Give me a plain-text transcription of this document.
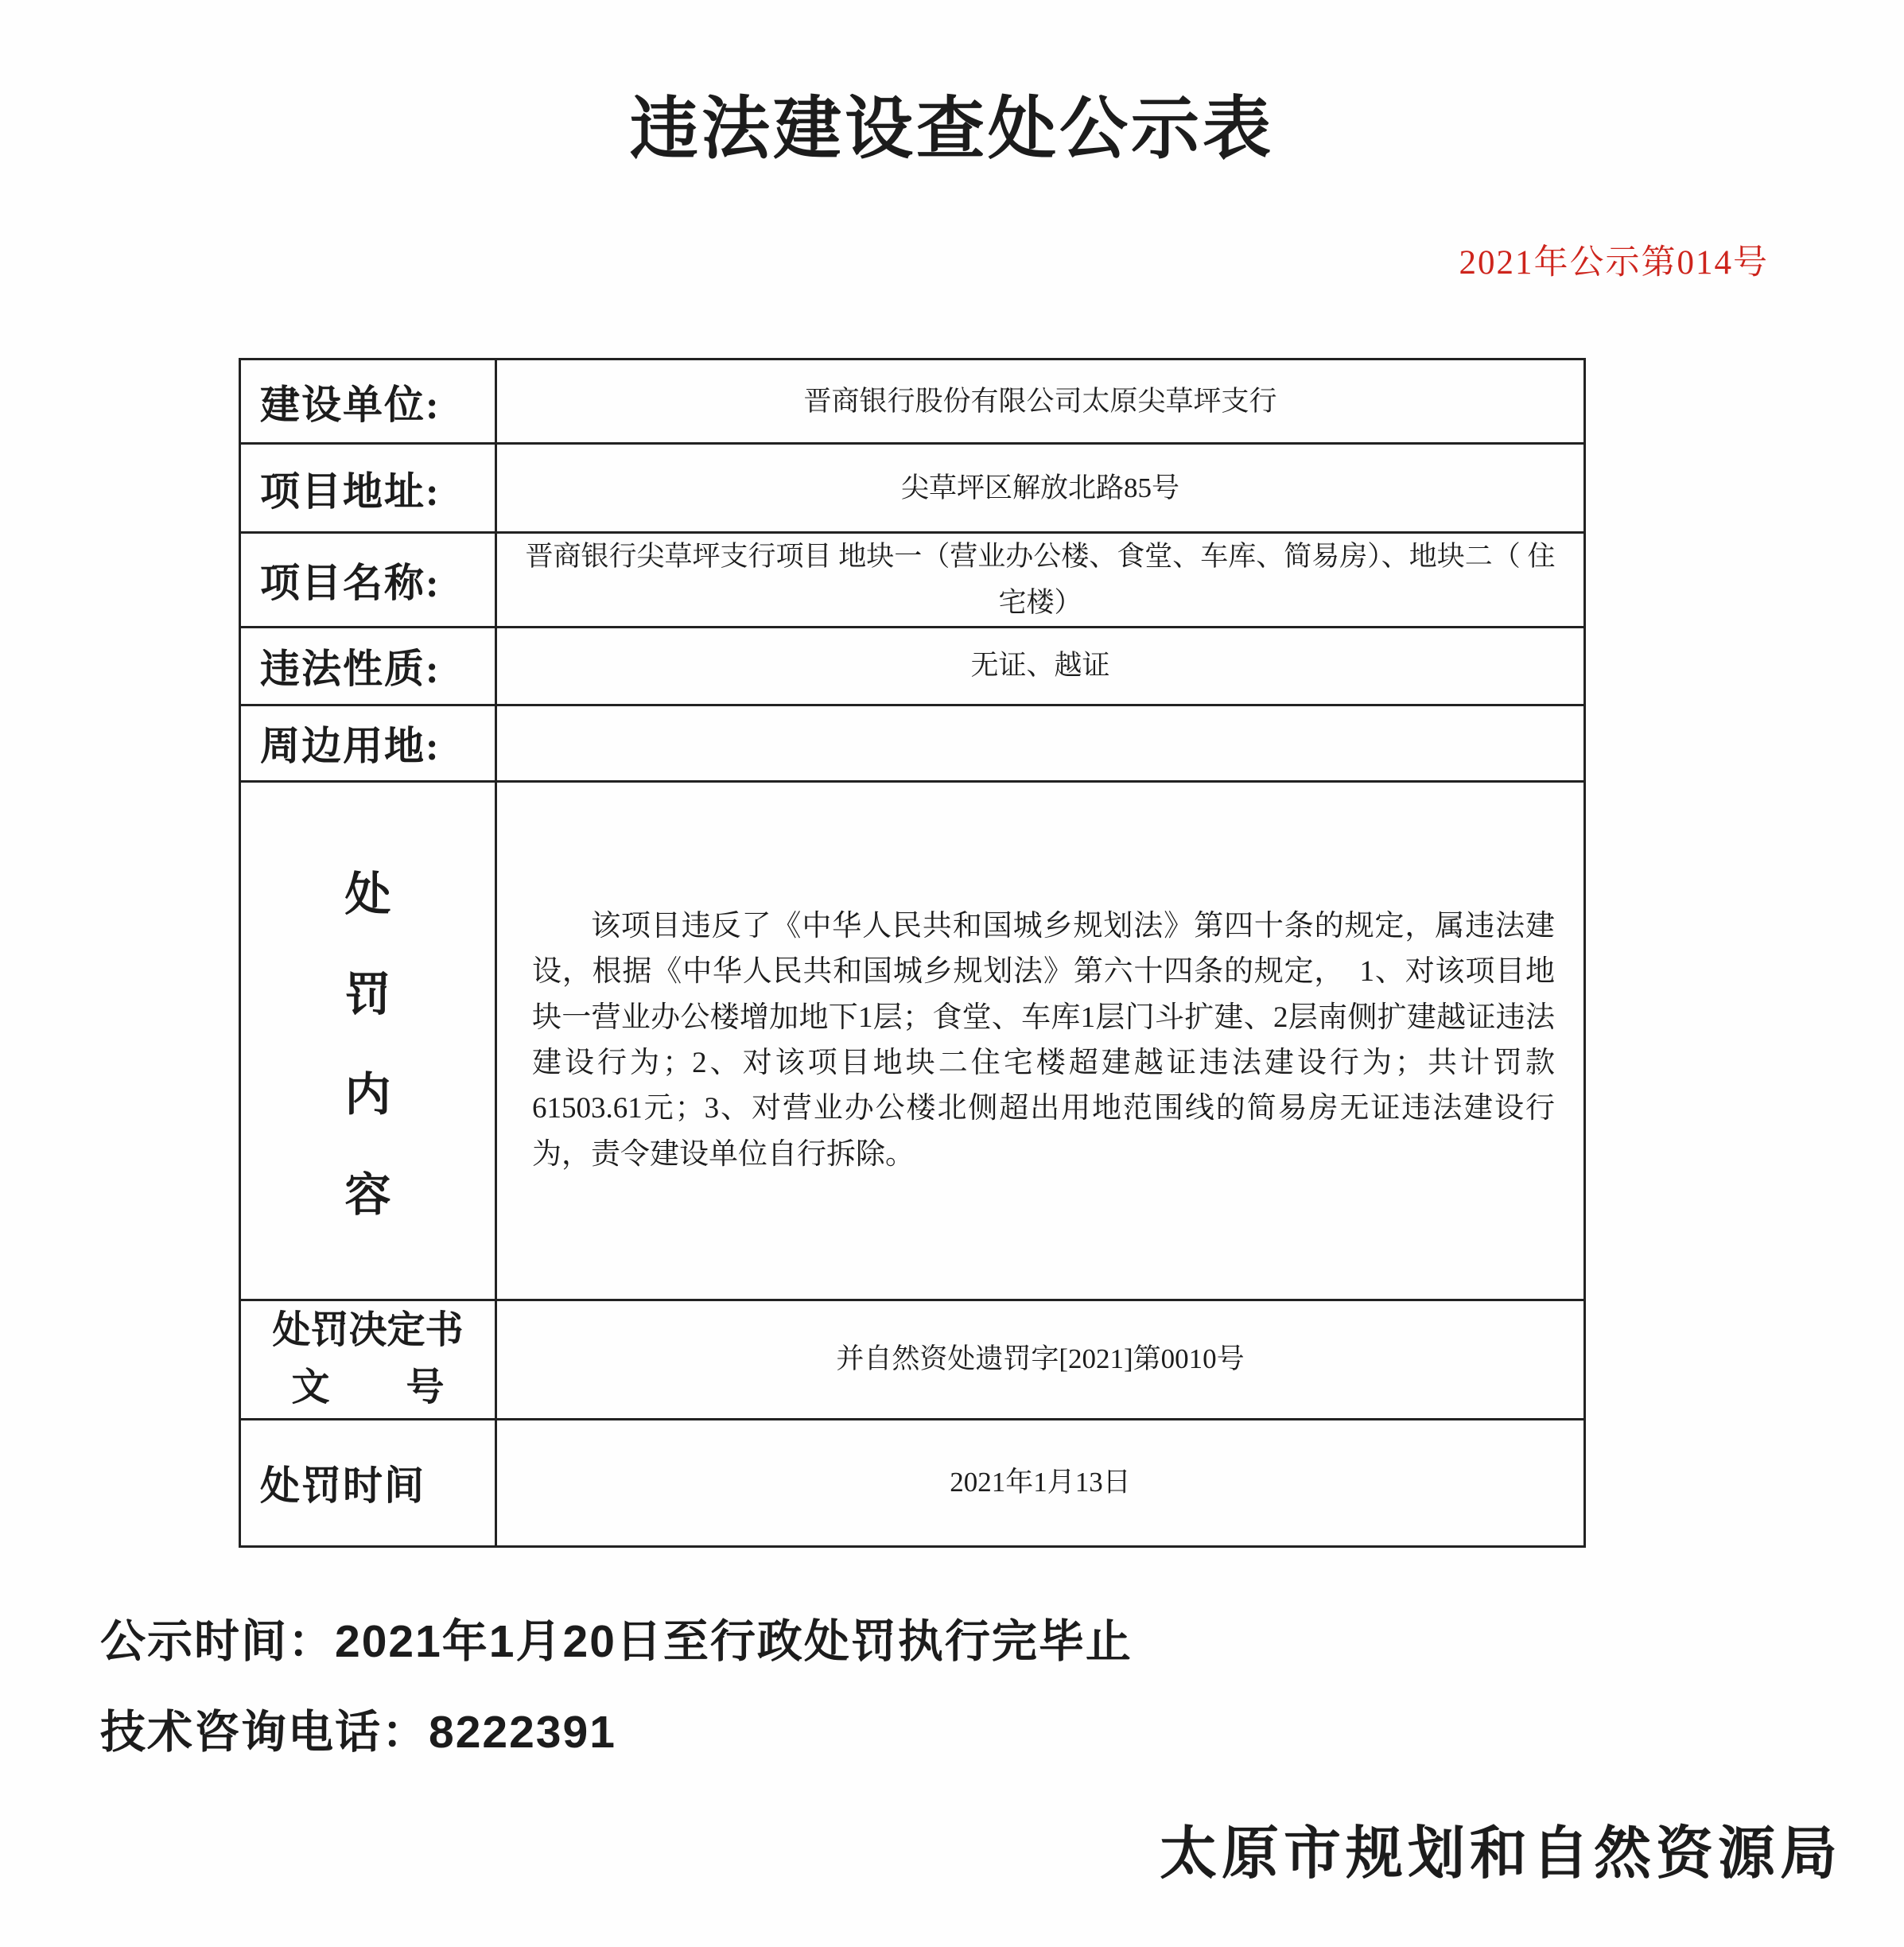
违法建设查处公示表
2021年公示第014号
建设单位:	晋商银行股份有限公司太原尖草坪支行
项目地址:	尖草坪区解放北路85号
项目名称:	晋商银行尖草坪支行项目 地块一（营业办公楼、食堂、车库、简易房）、地块二（ 住宅楼）
违法性质:	无证、越证
周边用地:	

处
罚
内
容	该项目违反了《中华人民共和国城乡规划法》第四十条的规定，属违法建设，根据《中华人民共和国城乡规划法》第六十四条的规定，　1、对该项目地块一营业办公楼增加地下1层；食堂、车库1层门斗扩建、2层南侧扩建越证违法建设行为；2、对该项目地块二住宅楼超建越证违法建设行为；共计罚款61503.61元；3、对营业办公楼北侧超出用地范围线的简易房无证违法建设行为，责令建设单位自行拆除。

处罚决定书
文　　号	并自然资处遗罚字[2021]第0010号
处罚时间	2021年1月13日
公示时间：2021年1月20日至行政处罚执行完毕止
技术咨询电话：8222391
太原市规划和自然资源局
